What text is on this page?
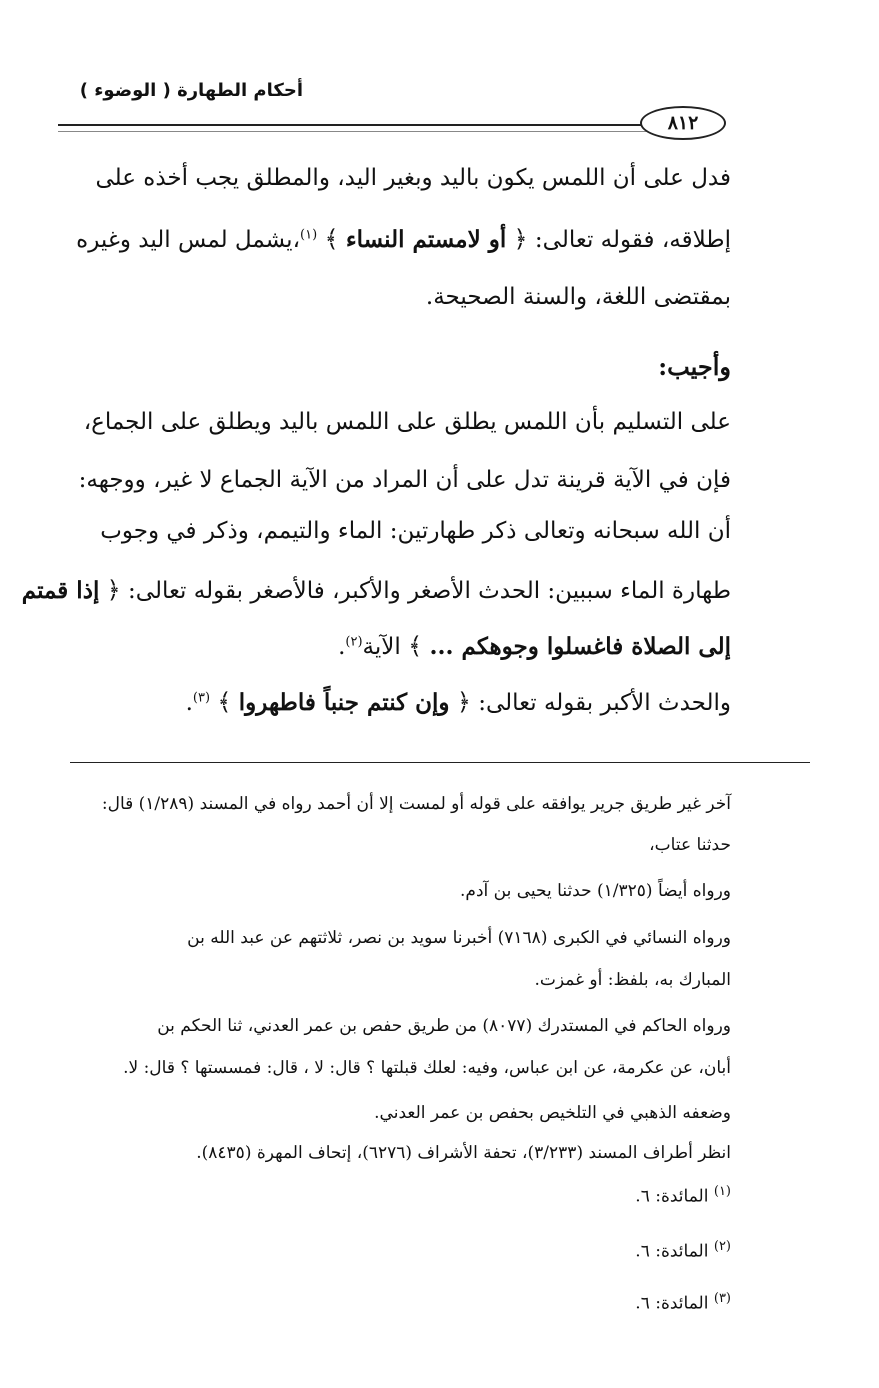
أحكام الطهارة ( الوضوء )
٨١٢
فدل على أن اللمس يكون باليد وبغير اليد، والمطلق يجب أخذه على
إطلاقه، فقوله تعالى: ﴿ أو لامستم النساء ﴾ $^{(١)}$،يشمل لمس اليد وغيره
بمقتضى اللغة، والسنة الصحيحة.
وأجيب:
على التسليم بأن اللمس يطلق على اللمس باليد ويطلق على الجماع،
فإن في الآية قرينة تدل على أن المراد من الآية الجماع لا غير، ووجهه:
أن الله سبحانه وتعالى ذكر طهارتين: الماء والتيمم، وذكر في وجوب
طهارة الماء سببين: الحدث الأصغر والأكبر، فالأصغر بقوله تعالى: ﴿ إذا قمتم
إلى الصلاة فاغسلوا وجوهكم ... ﴾ الآية$^{(٢)}$.
والحدث الأكبر بقوله تعالى: ﴿ وإن كنتم جنباً فاطهروا ﴾ $^{(٣)}$.
آخر غير طريق جرير يوافقه على قوله أو لمست إلا أن أحمد رواه في المسند (١/٢٨٩) قال:
حدثنا عتاب،
ورواه أيضاً (١/٣٢٥) حدثنا يحيى بن آدم.
ورواه النسائي في الكبرى (٧١٦٨) أخبرنا سويد بن نصر، ثلاثتهم عن عبد الله بن
المبارك به، بلفظ: أو غمزت.
ورواه الحاكم في المستدرك (٨٠٧٧) من طريق حفص بن عمر العدني، ثنا الحكم بن
أبان، عن عكرمة، عن ابن عباس، وفيه: لعلك قبلتها ؟ قال: لا ، قال: فمسستها ؟ قال: لا.
وضعفه الذهبي في التلخيص بحفص بن عمر العدني.
انظر أطراف المسند (٣/٢٣٣)، تحفة الأشراف (٦٢٧٦)، إتحاف المهرة (٨٤٣٥).
$^{(١)}$ المائدة: ٦.
$^{(٢)}$ المائدة: ٦.
$^{(٣)}$ المائدة: ٦.
